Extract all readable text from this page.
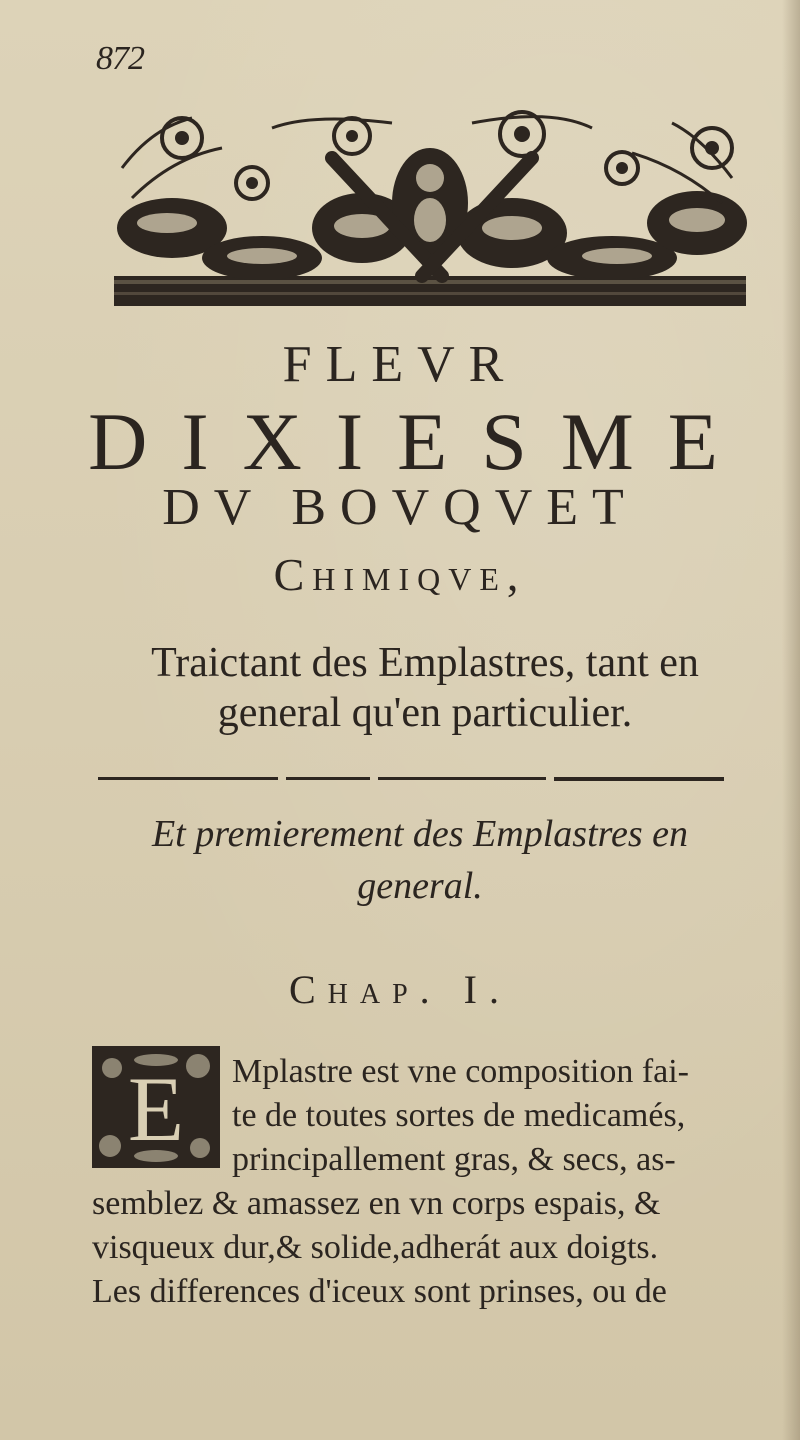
872
FLEVR
DIXIESME
DV BOVQVET
Chimiqve,
Traictant des Emplastres, tant en general qu'en particulier.
Et premierement des Emplastres en general.
Chap. I.
E Mplastre est vne composition fai-
te de toutes sortes de medicamés,
principallement gras, & secs, as-
semblez & amassez en vn corps espais, &
visqueux dur,& solide,adherát aux doigts.
Les differences d'iceux sont prinses, ou de
